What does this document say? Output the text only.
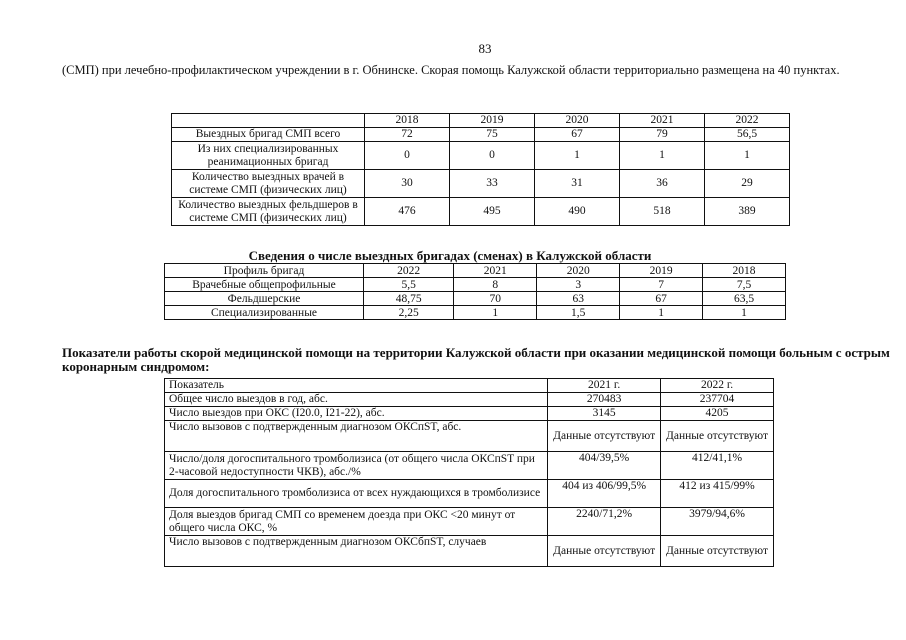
83
(СМП) при лечебно-профилактическом учреждении в г. Обнинске. Скорая помощь Калужской области территориально размещена на 40 пунктах.
	2018	2019	2020	2021	2022
Выездных бригад СМП всего	72	75	67	79	56,5
Из них специализированных реанимационных бригад	0	0	1	1	1
Количество выездных врачей в системе СМП (физических лиц)	30	33	31	36	29
Количество выездных фельдшеров в системе СМП (физических лиц)	476	495	490	518	389
Сведения о числе выездных бригадах (сменах) в Калужской области
Профиль бригад	2022	2021	2020	2019	2018
Врачебные общепрофильные	5,5	8	3	7	7,5
Фельдшерские	48,75	70	63	67	63,5
Специализированные	2,25	1	1,5	1	1
Показатели работы скорой медицинской помощи на территории Калужской области при оказании медицинской помощи больным с острым коронарным синдромом:
Показатель	2021 г.	2022 г.
Общее число выездов в год, абс.	270483	237704
Число выездов при ОКС (I20.0, I21-22), абс.	3145	4205
Число вызовов с подтвержденным диагнозом ОКСпST, абс.	Данные отсутствуют	Данные отсутствуют
Число/доля догоспитального тромболизиса (от общего числа ОКСпST при 2-часовой недоступности ЧКВ), абс./%	404/39,5%	412/41,1%
Доля догоспитального тромболизиса от всех нуждающихся в тромболизисе	404 из 406/99,5%	412 из 415/99%
Доля выездов бригад СМП со временем доезда при ОКС <20 минут от общего числа ОКС, %	2240/71,2%	3979/94,6%
Число вызовов с подтвержденным диагнозом ОКСбпST, случаев	Данные отсутствуют	Данные отсутствуют
